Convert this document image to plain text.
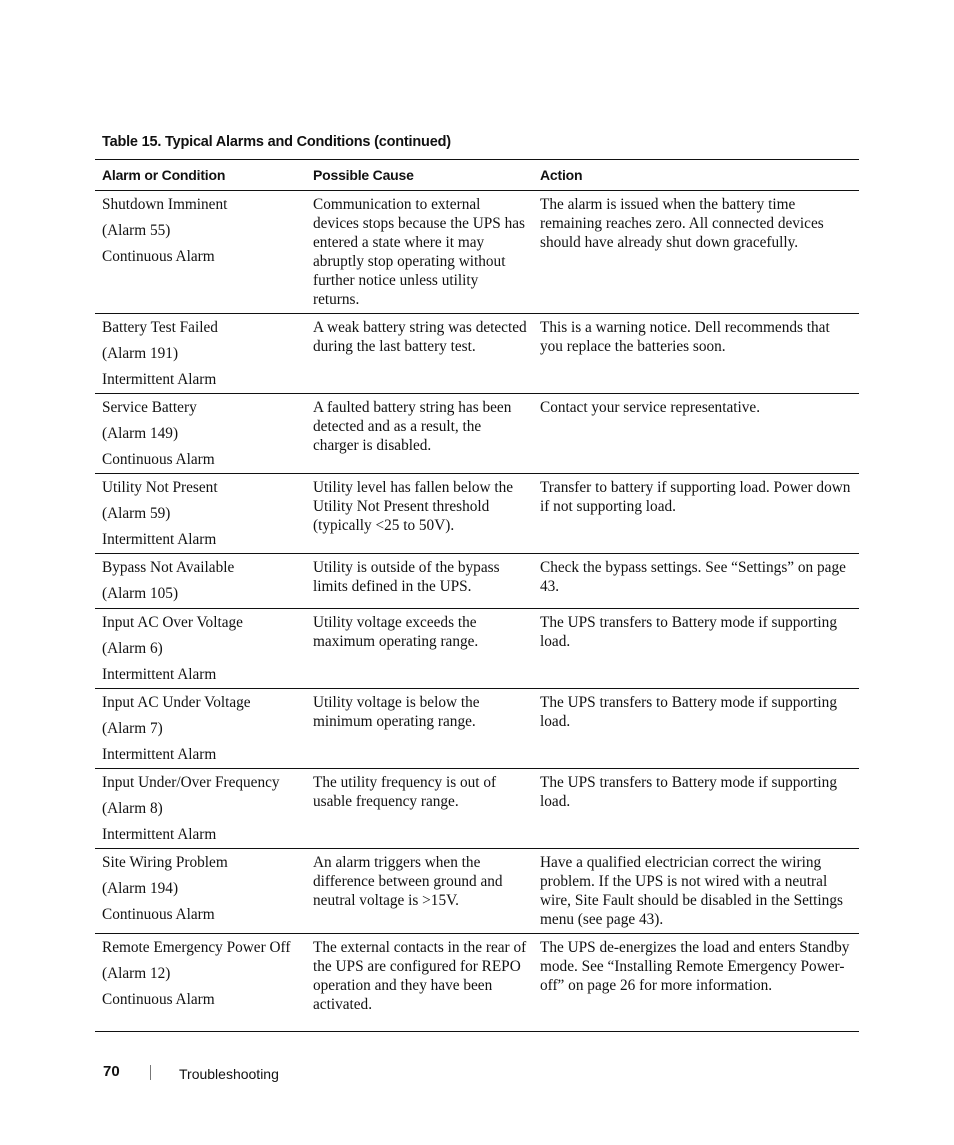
Table 15. Typical Alarms and Conditions (continued)
Alarm or Condition	Possible Cause	Action

Shutdown Imminent
(Alarm 55)
Continuous Alarm	Communication to external devices stops because the UPS has entered a state where it may abruptly stop operating without further notice unless utility returns.	The alarm is issued when the battery time remaining reaches zero. All connected devices should have already shut down gracefully.

Battery Test Failed
(Alarm 191)
Intermittent Alarm	A weak battery string was detected during the last battery test.	This is a warning notice. Dell recommends that you replace the batteries soon.

Service Battery
(Alarm 149)
Continuous Alarm	A faulted battery string has been detected and as a result, the charger is disabled.	Contact your service representative.

Utility Not Present
(Alarm 59)
Intermittent Alarm	Utility level has fallen below the Utility Not Present threshold (typically <25 to 50V).	Transfer to battery if supporting load. Power down if not supporting load.

Bypass Not Available
(Alarm 105)	Utility is outside of the bypass limits defined in the UPS.	Check the bypass settings. See “Settings” on page 43.

Input AC Over Voltage
(Alarm 6)
Intermittent Alarm	Utility voltage exceeds the maximum operating range.	The UPS transfers to Battery mode if supporting load.

Input AC Under Voltage
(Alarm 7)
Intermittent Alarm	Utility voltage is below the minimum operating range.	The UPS transfers to Battery mode if supporting load.

Input Under/Over Frequency
(Alarm 8)
Intermittent Alarm	The utility frequency is out of usable frequency range.	The UPS transfers to Battery mode if supporting load.

Site Wiring Problem
(Alarm 194)
Continuous Alarm	An alarm triggers when the difference between ground and neutral voltage is >15V.	Have a qualified electrician correct the wiring problem. If the UPS is not wired with a neutral wire, Site Fault should be disabled in the Settings menu (see page 43).

Remote Emergency Power Off
(Alarm 12)
Continuous Alarm	The external contacts in the rear of the UPS are configured for REPO operation and they have been activated.	The UPS de-energizes the load and enters Standby mode. See “Installing Remote Emergency Power-off” on page 26 for more information.
70	Troubleshooting
